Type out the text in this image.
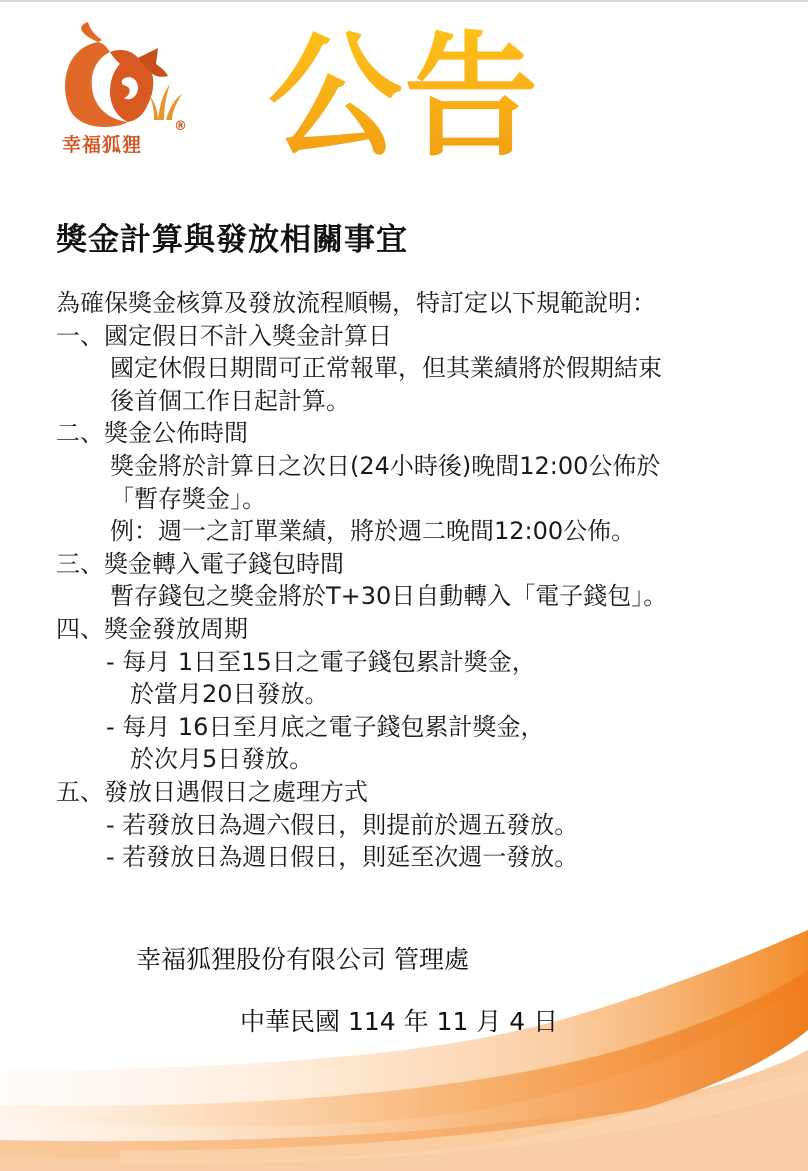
幸福狐狸
® 公告
獎金計算與發放相關事宜
為確保獎金核算及發放流程順暢，特訂定以下規範說明：
一、國定假日不計入獎金計算日
國定休假日期間可正常報單，但其業績將於假期結束
後首個工作日起計算。
二、獎金公佈時間
獎金將於計算日之次日(24小時後)晚間12:00公佈於
「暫存獎金」。
例：週一之訂單業績，將於週二晚間12:00公佈。
三、獎金轉入電子錢包時間
暫存錢包之獎金將於T+30日自動轉入「電子錢包」。
四、獎金發放周期
- 每月 1日至15日之電子錢包累計獎金，
於當月20日發放。
- 每月 16日至月底之電子錢包累計獎金，
於次月5日發放。
五、發放日遇假日之處理方式
- 若發放日為週六假日，則提前於週五發放。
- 若發放日為週日假日，則延至次週一發放。
幸福狐狸股份有限公司 管理處
中華民國 114 年 11 月 4 日
